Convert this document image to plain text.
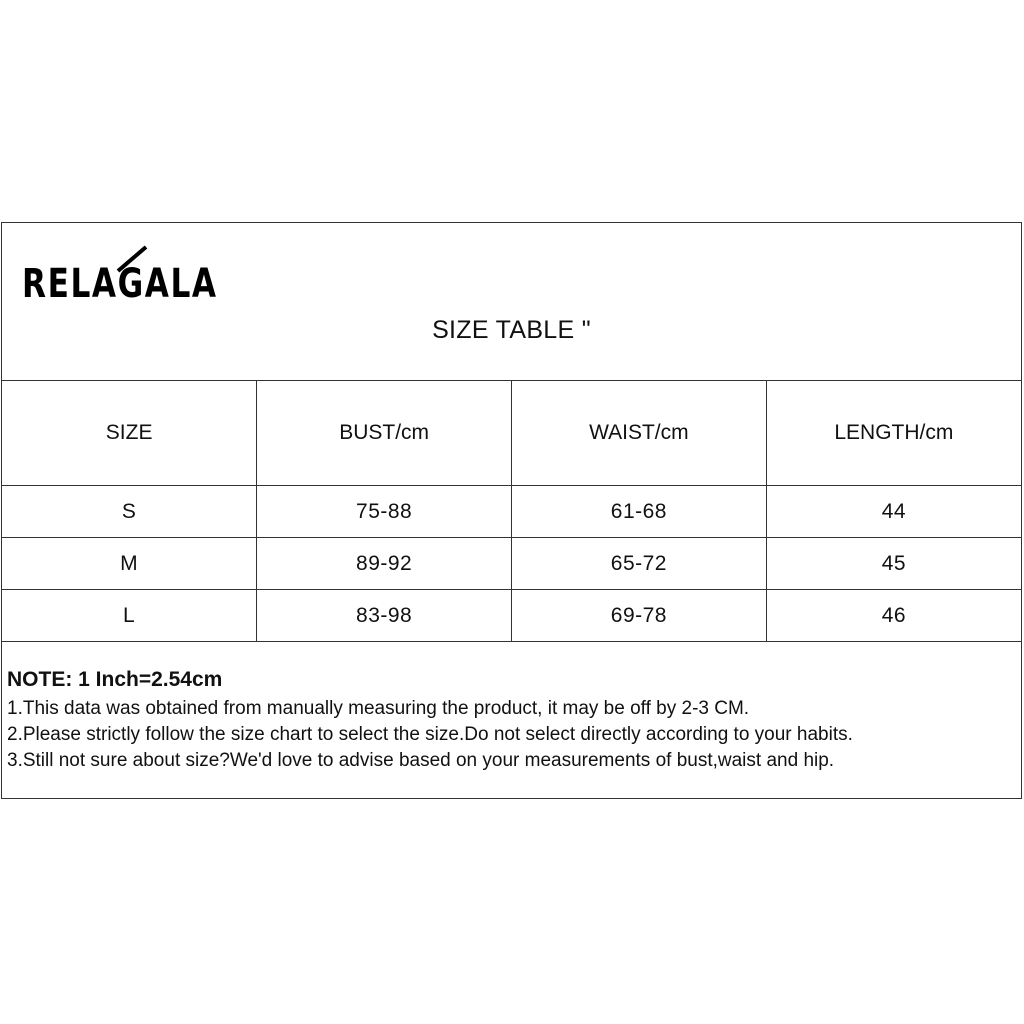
RELAGALA
SIZE TABLE "
SIZE	BUST/cm	WAIST/cm	LENGTH/cm
S	75-88	61-68	44
M	89-92	65-72	45
L	83-98	69-78	46

NOTE: 1 Inch=2.54cm

1.This data was obtained from manually measuring the product, it may be off by 2-3 CM.

2.Please strictly follow the size chart to select the size.Do not select directly according to your habits.

3.Still not sure about size?We'd love to advise based on your measurements of bust,waist and hip.
